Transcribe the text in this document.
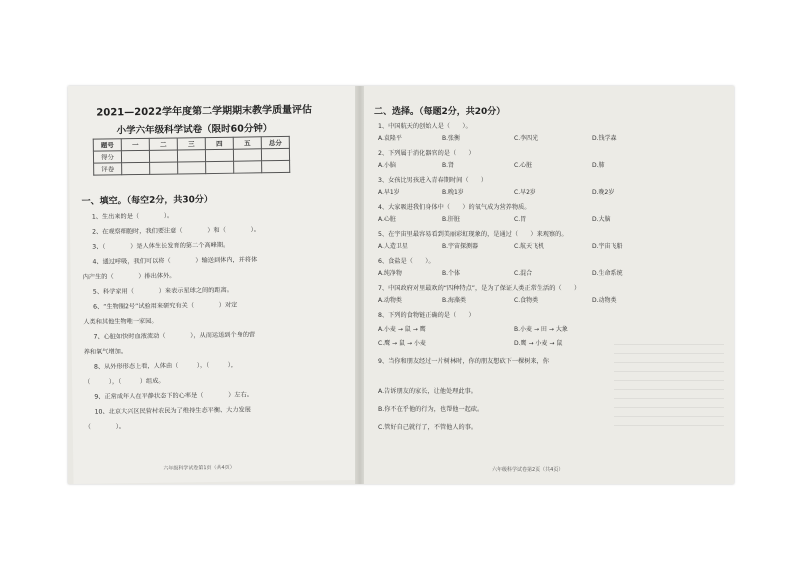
2021—2022学年度第二学期期末教学质量评估
小学六年级科学试卷（限时60分钟）
题号	一	二	三	四	五	总分
得分						
评卷						
一、填空。（每空2分，共30分）
1、生出来的是（　　　　）。
2、在观察细胞时，我们要注意（　　　　）和（　　　　）。
3、（　　　　）是人体生长发育的第二个高峰期。
4、通过呼吸，我们可以将（　　　　）输送到体内，并将体
内产生的（　　　　）排出体外。
5、科学家用（　　　　）来表示星球之间的距离。
6、“生物圈2号”试验用来研究有关（　　　　）对定
人类和其他生物唯一家园。
7、心脏如快时血液流动（　　　　），从而运送到个身的营
养和氧气增加。
8、从外形形态上看，人体由（　　　），（　　　），
（　　　），（　　　）组成。
9、正常成年人在平静状态下的心率是（　　　　）左右。
10、北京大兴区民营村农民为了维持生态平衡、大力发展
（　　　　）。
六年级科学试卷第1页（共4页）
二、选择。（每题2分，共20分）
1、中国航天的创始人是（　　）。
A.袁隆平	B.张衡	C.李四光	D.钱学森
2、下列属于消化器官的是（　　）
A.小脑	B.肾	C.心脏	D.肺
3、女孩比男孩进入青春期时间（　　）
A.早1岁	B.晚1岁	C.早2岁	D.晚2岁
4、大家吸进我们身体中（　　）的氧气成为营养物质。
A.心脏	B.肝脏	C.胃	D.大脑
5、在宇宙里最容易看到美丽彩虹现象的，是通过（　　）来观察的。
A.人造卫星	B.宇宙探测器	C.航天飞机	D.宇宙飞船
6、食盐是（　　）。
A.纯净物	B.个体	C.混合	D.生命系统
7、中国政府对里最欢的“四种特点”，是为了保证人类正常生活的（　　）
A.动物类	B.海藻类	C.食物类	D.动物类
8、下列的食物链正确的是（　　）
A.小麦 → 鼠 → 鹰	B.小麦 → 田 → 大象
C.鹰 → 鼠 → 小麦	D.鹰 → 小麦 → 鼠
9、当你和朋友经过一片树林时，你的朋友想砍下一棵树来，你
A.告诉朋友的家长，让他处理此事。
B.你不在乎他的行为，也帮他一起砍。
C.管好自己就行了，不管他人的事。
六年级科学试卷第2页（共4页）
